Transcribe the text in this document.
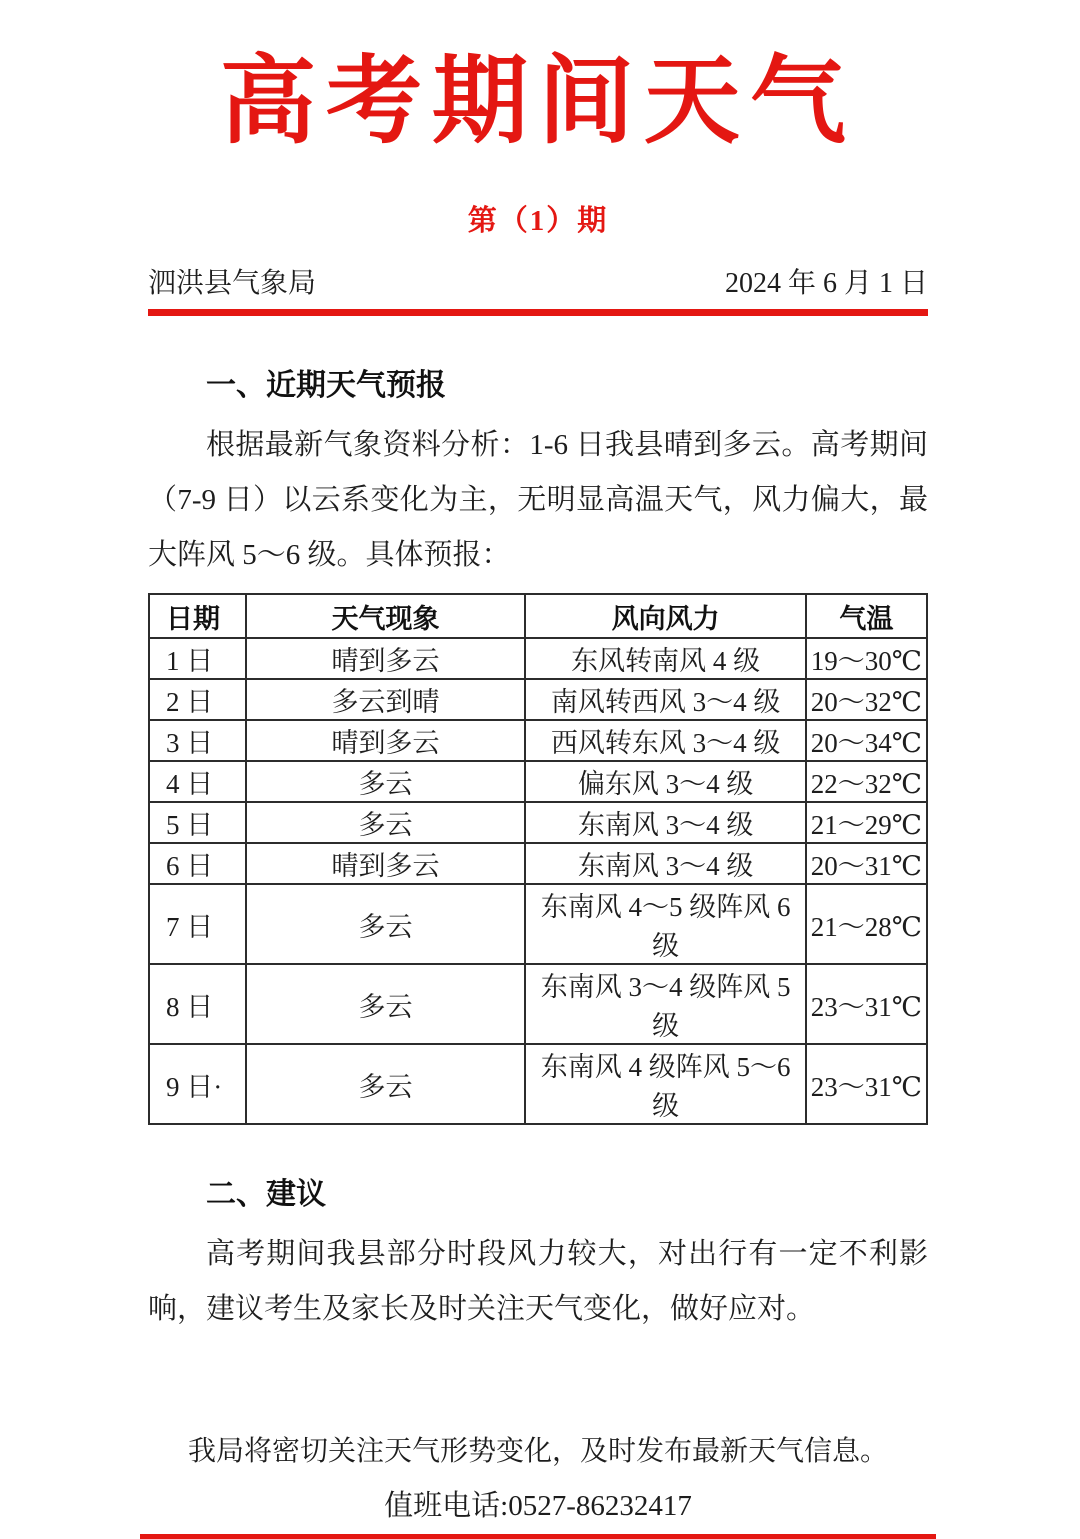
高考期间天气
第（1）期
泗洪县气象局	2024 年 6 月 1 日
一、近期天气预报

根据最新气象资料分析：1-6 日我县晴到多云。高考期间（7-9 日）以云系变化为主，无明显高温天气，风力偏大，最大阵风 5～6 级。具体预报：

日期	天气现象	风向风力	气温
1 日	晴到多云	东风转南风 4 级	19～30℃
2 日	多云到晴	南风转西风 3～4 级	20～32℃
3 日	晴到多云	西风转东风 3～4 级	20～34℃
4 日	多云	偏东风 3～4 级	22～32℃
5 日	多云	东南风 3～4 级	21～29℃
6 日	晴到多云	东南风 3～4 级	20～31℃
7 日	多云	东南风 4～5 级阵风 6 级	21～28℃
8 日	多云	东南风 3～4 级阵风 5 级	23～31℃
9 日·	多云	东南风 4 级阵风 5～6 级	23～31℃
二、建议

高考期间我县部分时段风力较大，对出行有一定不利影响，建议考生及家长及时关注天气变化，做好应对。

我局将密切关注天气形势变化，及时发布最新天气信息。
值班电话:0527-86232417
